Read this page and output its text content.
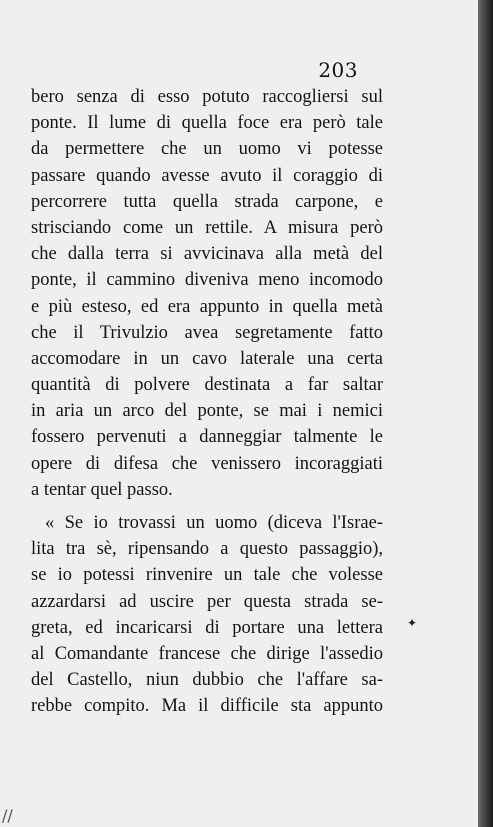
203
bero senza di esso potuto raccogliersi sul
ponte. Il lume di quella foce era però tale
da permettere che un uomo vi potesse
passare quando avesse avuto il coraggio di
percorrere tutta quella strada carpone, e
strisciando come un rettile. A misura però
che dalla terra si avvicinava alla metà del
ponte, il cammino diveniva meno incomodo
e più esteso, ed era appunto in quella metà
che il Trivulzio avea segretamente fatto
accomodare in un cavo laterale una certa
quantità di polvere destinata a far saltar
in aria un arco del ponte, se mai i nemici
fossero pervenuti a danneggiar talmente le
opere di difesa che venissero incoraggiati
a tentar quel passo.
« Se io trovassi un uomo (diceva l'Israe-
lita tra sè, ripensando a questo passaggio),
se io potessi rinvenire un tale che volesse
azzardarsi ad uscire per questa strada se-
greta, ed incaricarsi di portare una lettera
al Comandante francese che dirige l'assedio
del Castello, niun dubbio che l'affare sa-
rebbe compito. Ma il difficile sta appunto
✦
//
